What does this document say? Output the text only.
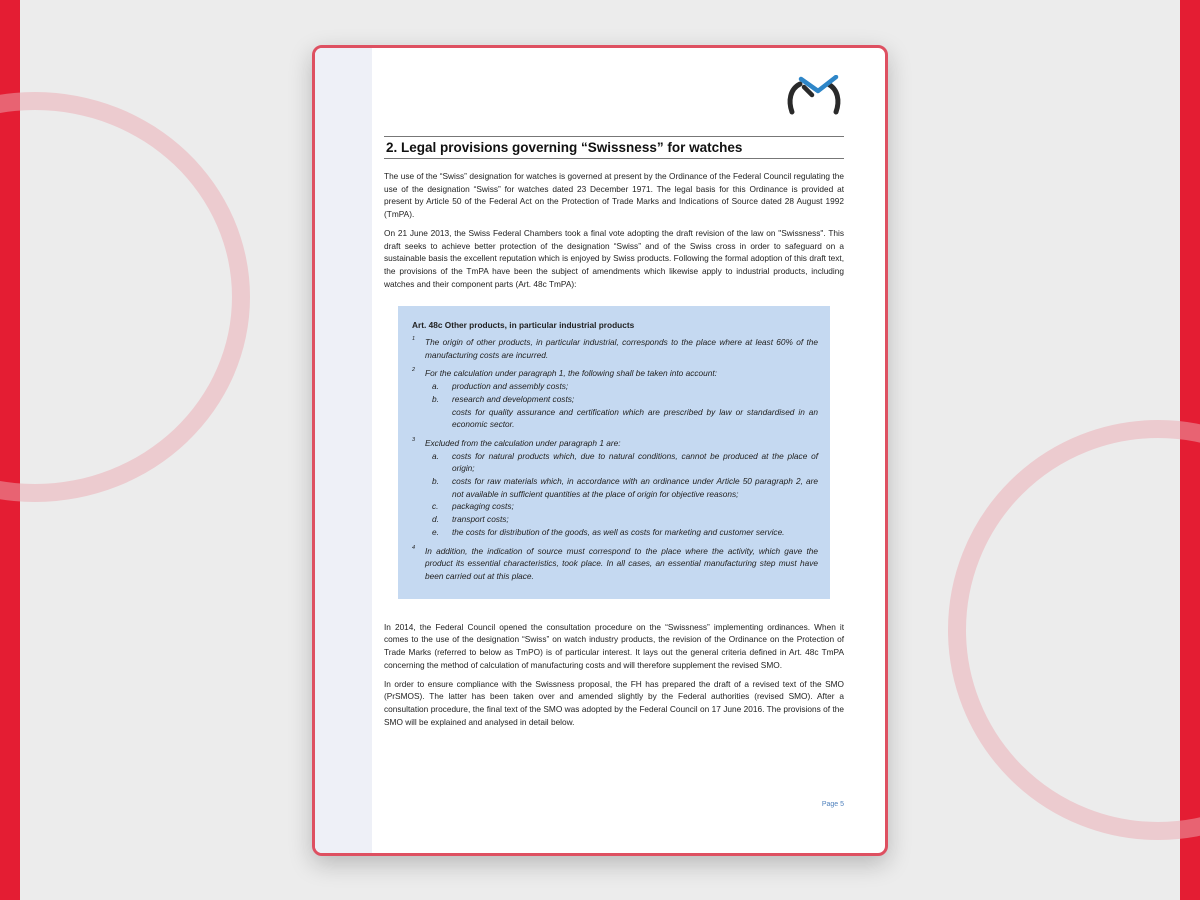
2. Legal provisions governing “Swissness” for watches

The use of the “Swiss” designation for watches is governed at present by the Ordinance of the Federal Council regulating the use of the designation “Swiss” for watches dated 23 December 1971. The legal basis for this Ordinance is provided at present by Article 50 of the Federal Act on the Protection of Trade Marks and Indications of Source dated 28 August 1992 (TmPA).

On 21 June 2013, the Swiss Federal Chambers took a final vote adopting the draft revision of the law on "Swissness". This draft seeks to achieve better protection of the designation “Swiss” and of the Swiss cross in order to safeguard on a sustainable basis the excellent reputation which is enjoyed by Swiss products. Following the formal adoption of this draft text, the provisions of the TmPA have been the subject of amendments which likewise apply to industrial products, including watches and their component parts (Art. 48c TmPA):

Art. 48c Other products, in particular industrial products
1 The origin of other products, in particular industrial, corresponds to the place where at least 60% of the manufacturing costs are incurred.
2 For the calculation under paragraph 1, the following shall be taken into account:
a. production and assembly costs;
b. research and development costs;
costs for quality assurance and certification which are prescribed by law or standardised in an economic sector.
3 Excluded from the calculation under paragraph 1 are:
a. costs for natural products which, due to natural conditions, cannot be produced at the place of origin;
b. costs for raw materials which, in accordance with an ordinance under Article 50 paragraph 2, are not available in sufficient quantities at the place of origin for objective reasons;
c. packaging costs;
d. transport costs;
e. the costs for distribution of the goods, as well as costs for marketing and customer service.
4 In addition, the indication of source must correspond to the place where the activity, which gave the product its essential characteristics, took place. In all cases, an essential manufacturing step must have been carried out at this place.

In 2014, the Federal Council opened the consultation procedure on the “Swissness” implementing ordinances. When it comes to the use of the designation “Swiss” on watch industry products, the revision of the Ordinance on the Protection of Trade Marks (referred to below as TmPO) is of particular interest. It lays out the general criteria defined in Art. 48c TmPA concerning the method of calculation of manufacturing costs and will therefore supplement the revised SMO.

In order to ensure compliance with the Swissness proposal, the FH has prepared the draft of a revised text of the SMO (PrSMOS). The latter has been taken over and amended slightly by the Federal authorities (revised SMO). After a consultation procedure, the final text of the SMO was adopted by the Federal Council on 17 June 2016. The provisions of the SMO will be explained and analysed in detail below.

Page 5
